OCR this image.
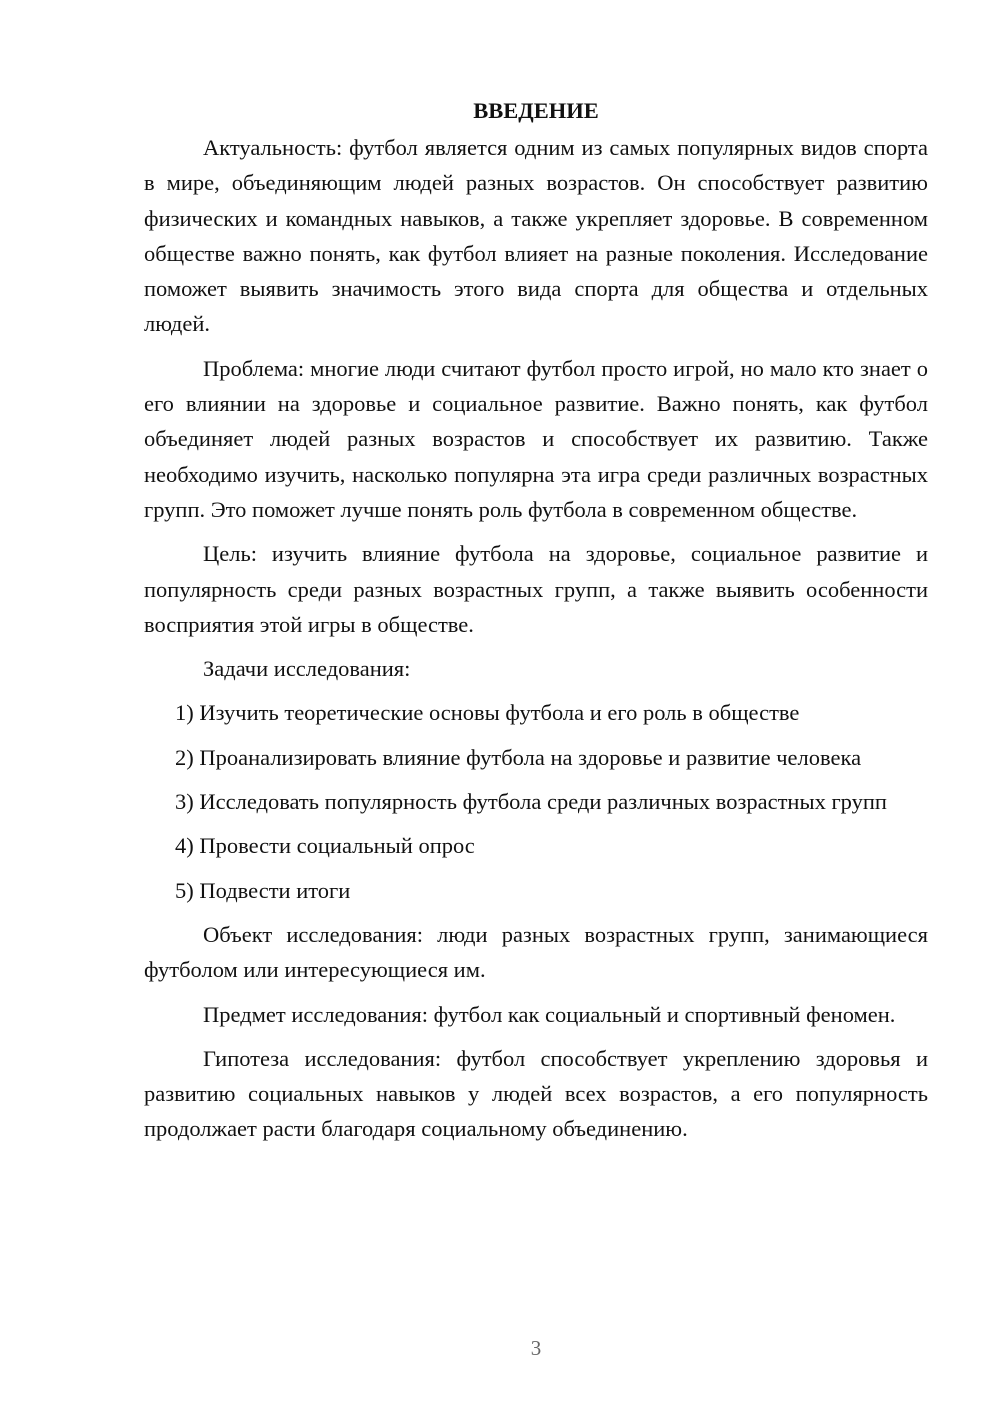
ВВЕДЕНИЕ

Актуальность: футбол является одним из самых популярных видов спорта в мире, объединяющим людей разных возрастов. Он способствует развитию физических и командных навыков, а также укрепляет здоровье. В современном обществе важно понять, как футбол влияет на разные поколения. Исследование поможет выявить значимость этого вида спорта для общества и отдельных людей.

Проблема: многие люди считают футбол просто игрой, но мало кто знает о его влиянии на здоровье и социальное развитие. Важно понять, как футбол объединяет людей разных возрастов и способствует их развитию. Также необходимо изучить, насколько популярна эта игра среди различных возрастных групп. Это поможет лучше понять роль футбола в современном обществе.

Цель: изучить влияние футбола на здоровье, социальное развитие и популярность среди разных возрастных групп, а также выявить особенности восприятия этой игры в обществе.

Задачи исследования:

1) Изучить теоретические основы футбола и его роль в обществе

2) Проанализировать влияние футбола на здоровье и развитие человека

3) Исследовать популярность футбола среди различных возрастных групп

4) Провести социальный опрос

5) Подвести итоги

Объект исследования: люди разных возрастных групп, занимающиеся футболом или интересующиеся им.

Предмет исследования: футбол как социальный и спортивный феномен.

Гипотеза исследования: футбол способствует укреплению здоровья и развитию социальных навыков у людей всех возрастов, а его популярность продолжает расти благодаря социальному объединению.

3
